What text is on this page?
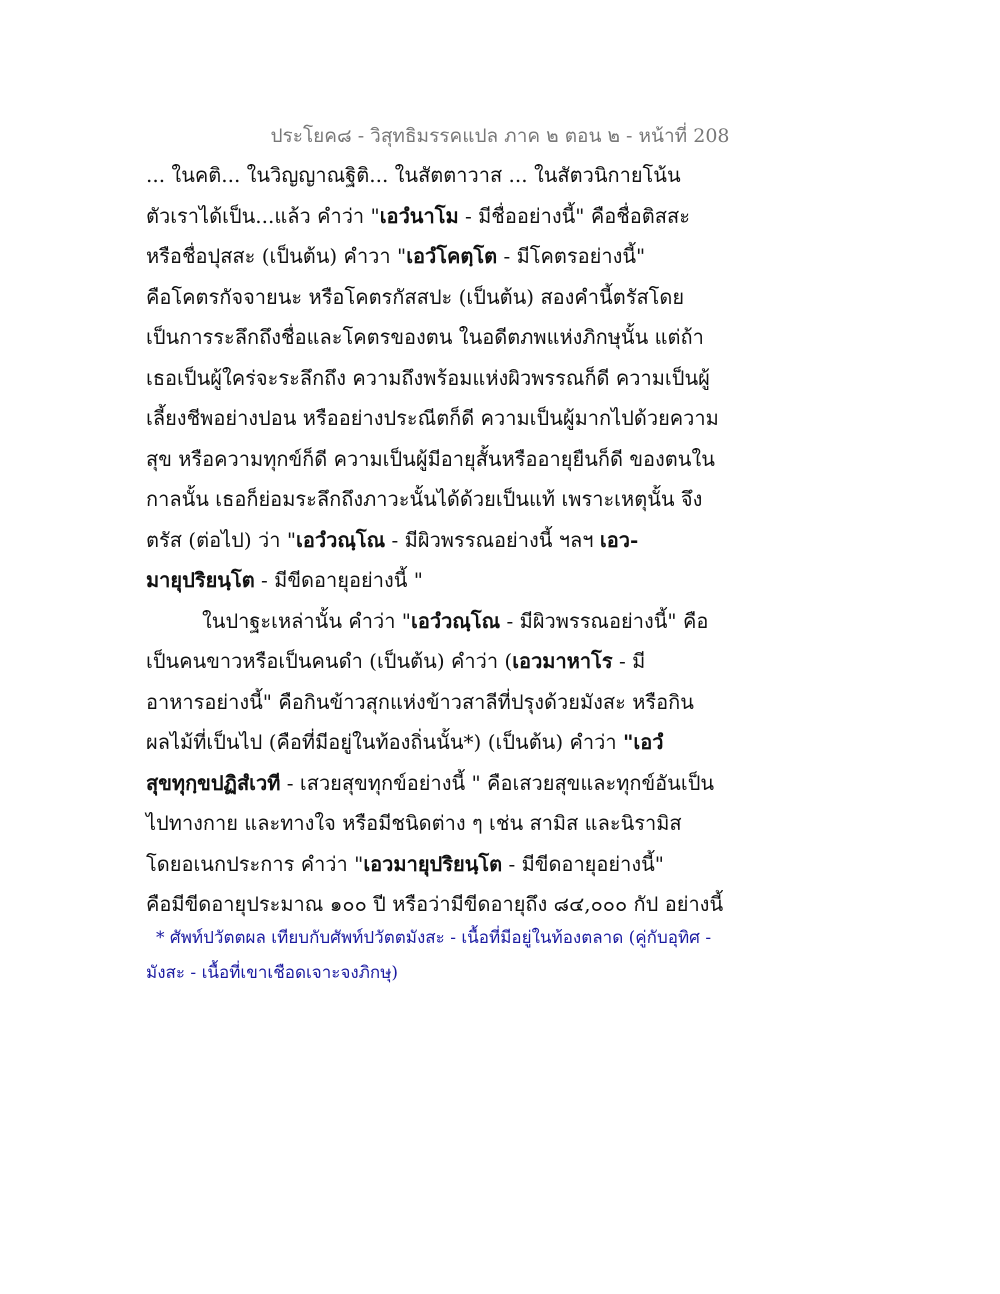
ประโยค๘ - วิสุทธิมรรคแปล ภาค ๒ ตอน ๒ - หน้าที่ 208
... ในคติ... ในวิญญาณฐิติ... ในสัตตาวาส ... ในสัตวนิกายโน้น
ตัวเราได้เป็น...แล้ว คำว่า "เอวํนาโม - มีชื่ออย่างนี้" คือชื่อติสสะ
หรือชื่อปุสสะ (เป็นต้น) คำวา "เอวํโคตฺโต - มีโคตรอย่างนี้"
คือโคตรกัจจายนะ หรือโคตรกัสสปะ (เป็นต้น) สองคำนี้ตรัสโดย
เป็นการระลึกถึงชื่อและโคตรของตน ในอดีตภพแห่งภิกษุนั้น แต่ถ้า
เธอเป็นผู้ใคร่จะระลึกถึง ความถึงพร้อมแห่งผิวพรรณก็ดี ความเป็นผู้
เลี้ยงชีพอย่างปอน หรืออย่างประณีตก็ดี ความเป็นผู้มากไปด้วยความ
สุข หรือความทุกข์ก็ดี ความเป็นผู้มีอายุสั้นหรืออายุยืนก็ดี ของตนใน
กาลนั้น เธอก็ย่อมระลึกถึงภาวะนั้นได้ด้วยเป็นแท้ เพราะเหตุนั้น จึง
ตรัส (ต่อไป) ว่า "เอวํวณฺโณ - มีผิวพรรณอย่างนี้ ฯลฯ เอว-
มายุปริยนฺโต - มีขีดอายุอย่างนี้ "
ในปาฐะเหล่านั้น คำว่า "เอวํวณฺโณ - มีผิวพรรณอย่างนี้" คือ
เป็นคนขาวหรือเป็นคนดำ (เป็นต้น) คำว่า (เอวมาหาโร - มี
อาหารอย่างนี้" คือกินข้าวสุกแห่งข้าวสาลีที่ปรุงด้วยมังสะ หรือกิน
ผลไม้ที่เป็นไป (คือที่มีอยู่ในท้องถิ่นนั้น*) (เป็นต้น) คำว่า "เอวํ
สุขทุกฺขปฏิสํเวที - เสวยสุขทุกข์อย่างนี้ " คือเสวยสุขและทุกข์อันเป็น
ไปทางกาย และทางใจ หรือมีชนิดต่าง ๆ เช่น สามิส และนิรามิส
โดยอเนกประการ คำว่า "เอวมายุปริยนฺโต - มีขีดอายุอย่างนี้"
คือมีขีดอายุประมาณ ๑๐๐ ปี หรือว่ามีขีดอายุถึง ๘๔,๐๐๐ กัป อย่างนี้
* ศัพท์ปวัตตผล เทียบกับศัพท์ปวัตตมังสะ - เนื้อที่มีอยู่ในท้องตลาด (คู่กับอุทิศ -
มังสะ - เนื้อที่เขาเชือดเจาะจงภิกษุ)
